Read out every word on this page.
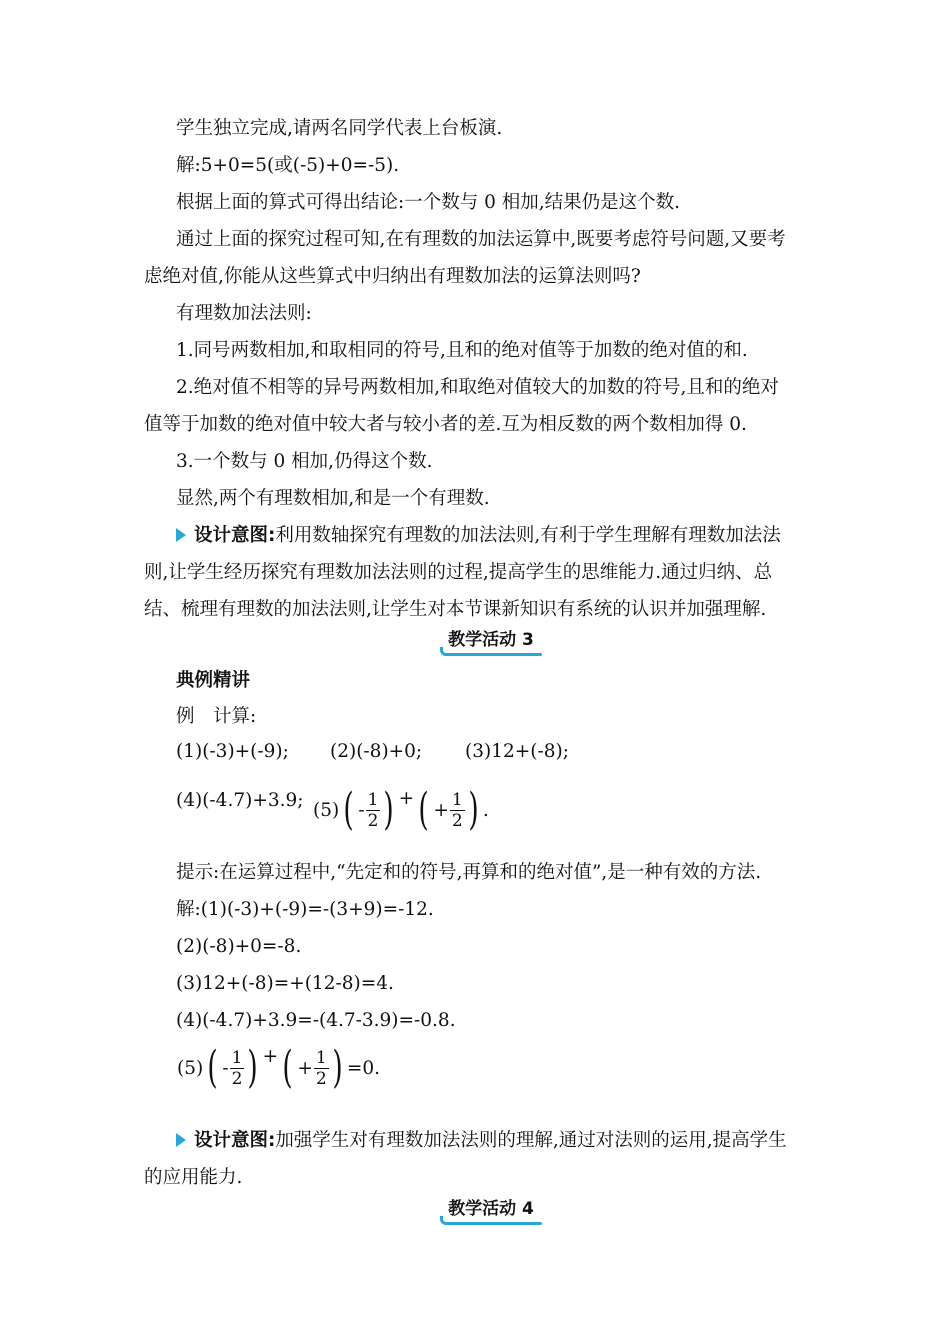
学生独立完成,请两名同学代表上台板演.
解:5+0=5(或(-5)+0=-5).
根据上面的算式可得出结论:一个数与 0 相加,结果仍是这个数.
通过上面的探究过程可知,在有理数的加法运算中,既要考虑符号问题,又要考
虑绝对值,你能从这些算式中归纳出有理数加法的运算法则吗?
有理数加法法则:
1.同号两数相加,和取相同的符号,且和的绝对值等于加数的绝对值的和.
2.绝对值不相等的异号两数相加,和取绝对值较大的加数的符号,且和的绝对
值等于加数的绝对值中较大者与较小者的差.互为相反数的两个数相加得 0.
3.一个数与 0 相加,仍得这个数.
显然,两个有理数相加,和是一个有理数.
设计意图:利用数轴探究有理数的加法法则,有利于学生理解有理数加法法
则,让学生经历探究有理数加法法则的过程,提高学生的思维能力.通过归纳、总
结、梳理有理数的加法法则,让学生对本节课新知识有系统的认识并加强理解.
教学活动 3
典例精讲
例　计算:
(1)(-3)+(-9); (2)(-8)+0; (3)12+(-8);
(4)(-4.7)+3.9; (5) ( - $\frac{1}{2}$ ) + ( + $\frac{1}{2}$ ) .
提示:在运算过程中,“先定和的符号,再算和的绝对值”,是一种有效的方法.
解:(1)(-3)+(-9)=-(3+9)=-12.
(2)(-8)+0=-8.
(3)12+(-8)=+(12-8)=4.
(4)(-4.7)+3.9=-(4.7-3.9)=-0.8.
(5) ( - $\frac{1}{2}$ ) + ( + $\frac{1}{2}$ ) =0.
设计意图:加强学生对有理数加法法则的理解,通过对法则的运用,提高学生
的应用能力.
教学活动 4
